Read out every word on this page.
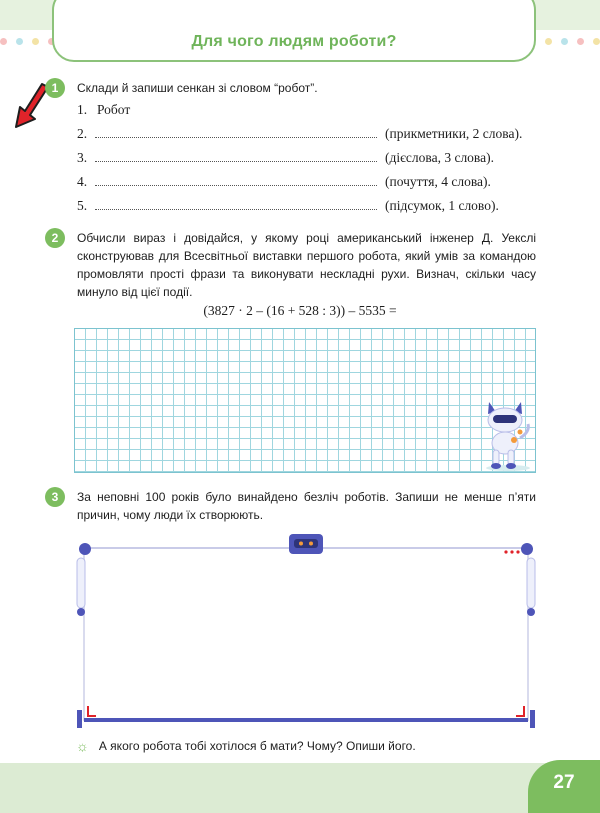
Для чого людям роботи?
1	Склади й запиши сенкан зі словом “робот”.
1. Робот
2.	(прикметники, 2 слова).
3.	(дієслова, 3 слова).
4.	(почуття, 4 слова).
5.	(підсумок, 1 слово).
2	Обчисли вираз і довідайся, у якому році американський інженер Д. Уекслі сконструював для Всесвітньої виставки першого робота, який умів за командою промовляти прості фрази та виконувати нескладні рухи. Визнач, скільки часу минуло від цієї події.
(3827 · 2 – (16 + 528 : 3)) – 5535 =
3	За неповні 100 років було винайдено безліч роботів. Запиши не менше п’яти причин, чому люди їх створюють.
☼ А якого робота тобі хотілося б мати? Чому? Опиши його.
27
